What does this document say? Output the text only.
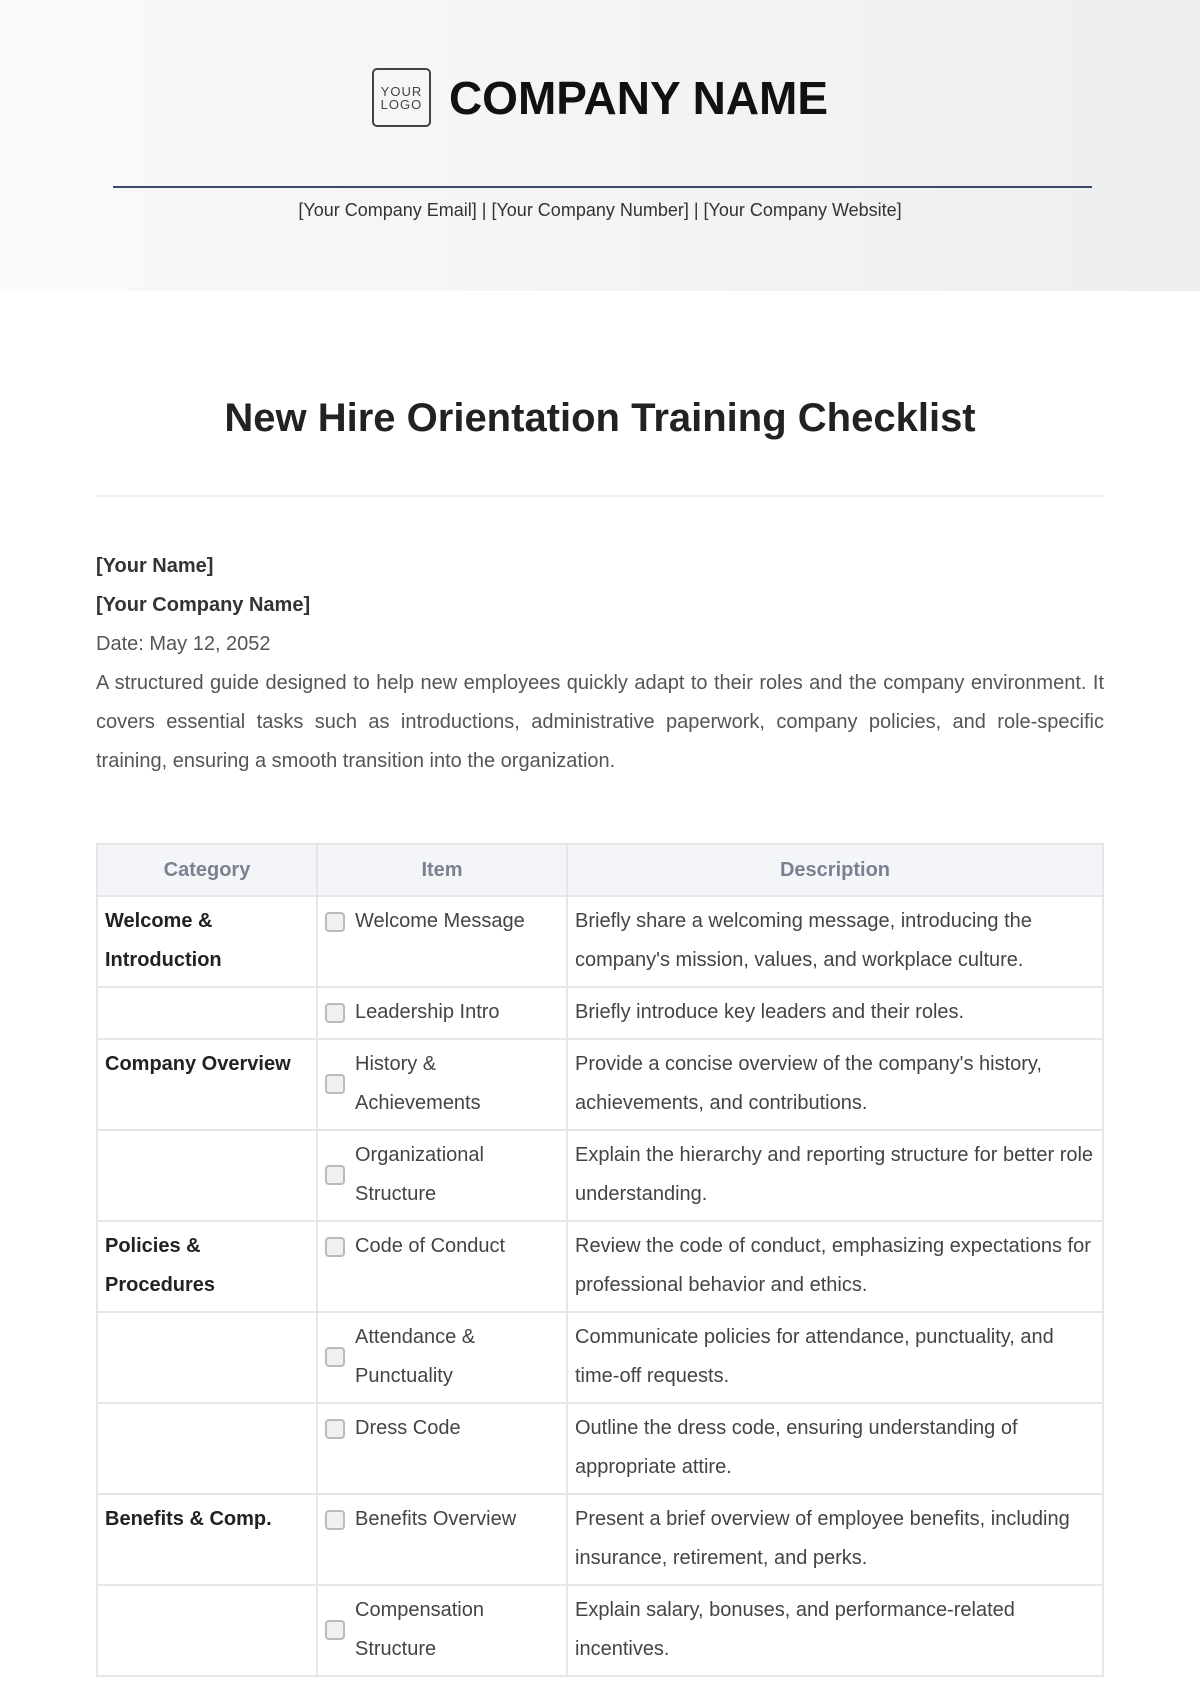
YOUR
LOGO COMPANY NAME
[Your Company Email] | [Your Company Number] | [Your Company Website]
New Hire Orientation Training Checklist

[Your Name]

[Your Company Name]

Date: May 12, 2052

A structured guide designed to help new employees quickly adapt to their roles and the company environment. It covers essential tasks such as introductions, administrative paperwork, company policies, and role-specific training, ensuring a smooth transition into the organization.

Category	Item	Description
Welcome & Introduction	Welcome Message	Briefly share a welcoming message, introducing the company's mission, values, and workplace culture.

	Leadership Intro	Briefly introduce key leaders and their roles.
Company Overview	History & Achievements	Provide a concise overview of the company's history, achievements, and contributions.

	Organizational Structure	Explain the hierarchy and reporting structure for better role understanding.
Policies & Procedures	Code of Conduct	Review the code of conduct, emphasizing expectations for professional behavior and ethics.

	Attendance & Punctuality	Communicate policies for attendance, punctuality, and time-off requests.

	Dress Code	Outline the dress code, ensuring understanding of appropriate attire.
Benefits & Comp.	Benefits Overview	Present a brief overview of employee benefits, including insurance, retirement, and perks.

	Compensation Structure	Explain salary, bonuses, and performance-related incentives.
